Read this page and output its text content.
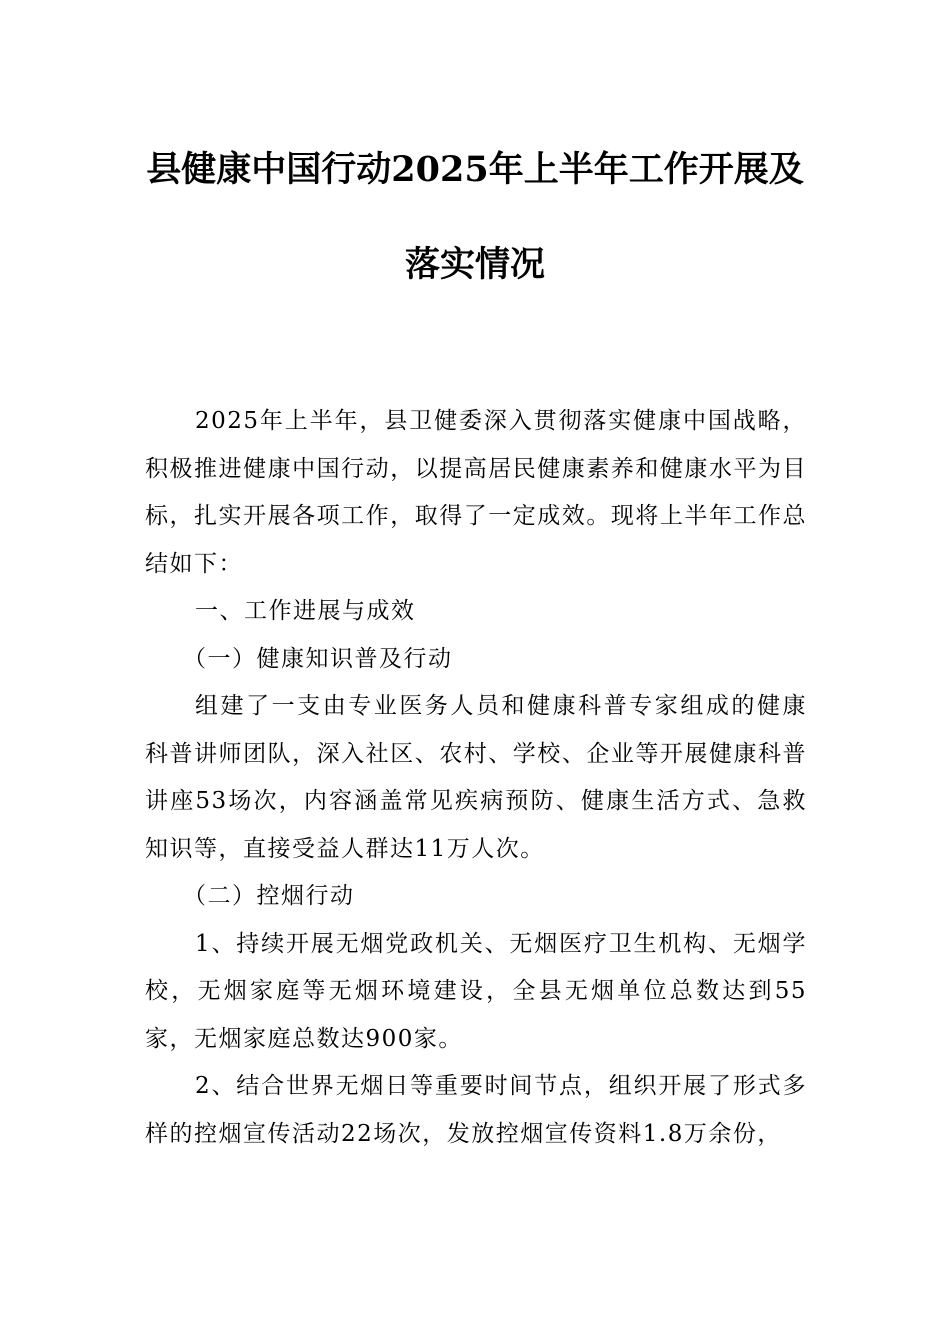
县健康中国行动2025年上半年工作开展及
落实情况

2025年上半年，县卫健委深入贯彻落实健康中国战略，积极推进健康中国行动，以提高居民健康素养和健康水平为目标，扎实开展各项工作，取得了一定成效。现将上半年工作总结如下：

一、工作进展与成效

（一）健康知识普及行动

组建了一支由专业医务人员和健康科普专家组成的健康科普讲师团队，深入社区、农村、学校、企业等开展健康科普讲座53场次，内容涵盖常见疾病预防、健康生活方式、急救知识等，直接受益人群达11万人次。

（二）控烟行动

1、持续开展无烟党政机关、无烟医疗卫生机构、无烟学校，无烟家庭等无烟环境建设，全县无烟单位总数达到55家，无烟家庭总数达900家。

2、结合世界无烟日等重要时间节点，组织开展了形式多样的控烟宣传活动22场次，发放控烟宣传资料1.8万余份，
